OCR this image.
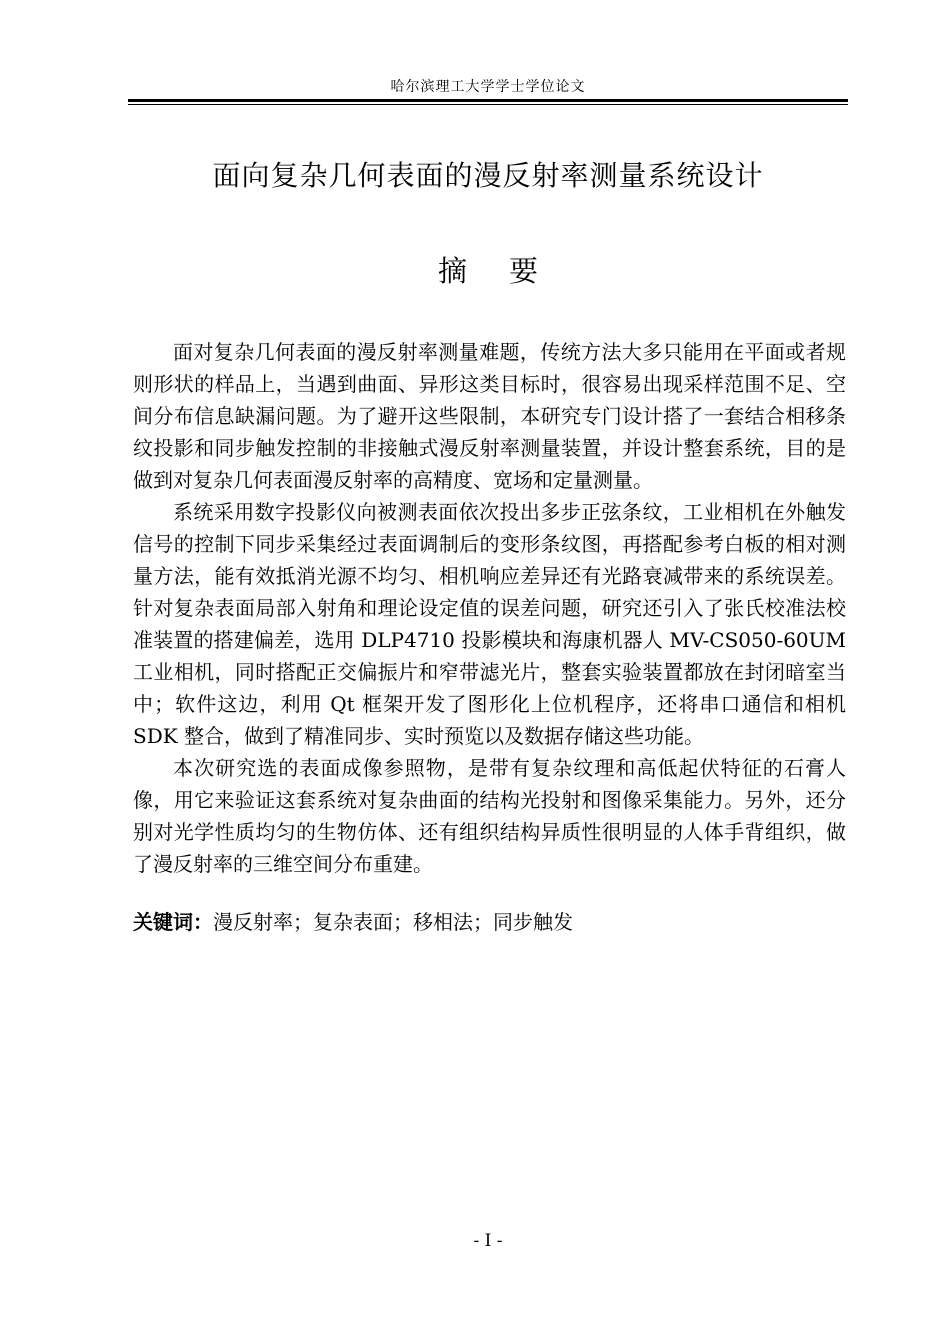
哈尔滨理工大学学士学位论文
面向复杂几何表面的漫反射率测量系统设计
摘要

面对复杂几何表面的漫反射率测量难题，传统方法大多只能用在平面或者规则形状的样品上，当遇到曲面、异形这类目标时，很容易出现采样范围不足、空间分布信息缺漏问题。为了避开这些限制，本研究专门设计搭了一套结合相移条纹投影和同步触发控制的非接触式漫反射率测量装置，并设计整套系统，目的是做到对复杂几何表面漫反射率的高精度、宽场和定量测量。

系统采用数字投影仪向被测表面依次投出多步正弦条纹，工业相机在外触发信号的控制下同步采集经过表面调制后的变形条纹图，再搭配参考白板的相对测量方法，能有效抵消光源不均匀、相机响应差异还有光路衰减带来的系统误差。针对复杂表面局部入射角和理论设定值的误差问题，研究还引入了张氏校准法校准装置的搭建偏差，选用 DLP4710 投影模块和海康机器人 MV-CS050-60UM 工业相机，同时搭配正交偏振片和窄带滤光片，整套实验装置都放在封闭暗室当中；软件这边，利用 Qt 框架开发了图形化上位机程序，还将串口通信和相机 SDK 整合，做到了精准同步、实时预览以及数据存储这些功能。

本次研究选的表面成像参照物，是带有复杂纹理和高低起伏特征的石膏人像，用它来验证这套系统对复杂曲面的结构光投射和图像采集能力。另外，还分别对光学性质均匀的生物仿体、还有组织结构异质性很明显的人体手背组织，做了漫反射率的三维空间分布重建。

关键词：漫反射率；复杂表面；移相法；同步触发
- I -
